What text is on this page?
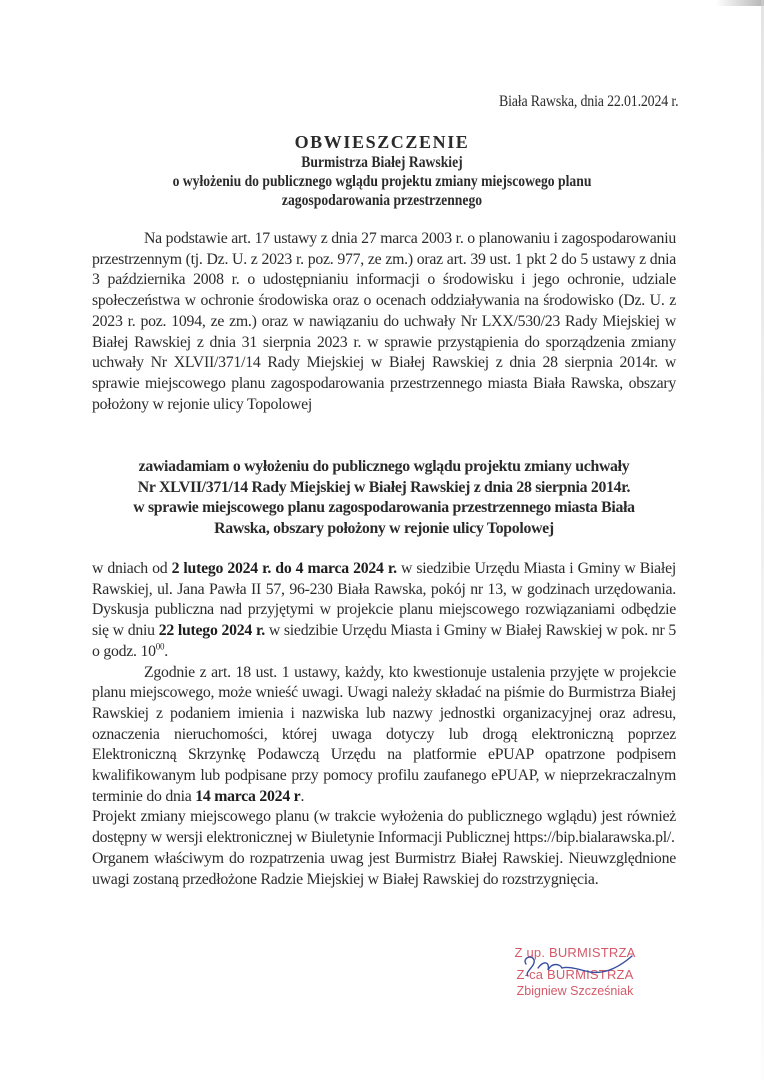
Biała Rawska, dnia 22.01.2024 r.
OBWIESZCZENIE
Burmistrza Białej Rawskiej
o wyłożeniu do publicznego wglądu projektu zmiany miejscowego planu
zagospodarowania przestrzennego

Na podstawie art. 17 ustawy z dnia 27 marca 2003 r. o planowaniu i zagospodarowaniu przestrzennym (tj. Dz. U. z 2023 r. poz. 977, ze zm.) oraz art. 39 ust. 1 pkt 2 do 5 ustawy z dnia 3 października 2008 r. o udostępnianiu informacji o środowisku i jego ochronie, udziale społeczeństwa w ochronie środowiska oraz o ocenach oddziaływania na środowisko (Dz. U. z 2023 r. poz. 1094, ze zm.) oraz w nawiązaniu do uchwały Nr LXX/530/23 Rady Miejskiej w Białej Rawskiej z dnia 31 sierpnia 2023 r. w sprawie przystąpienia do sporządzenia zmiany uchwały Nr XLVII/371/14 Rady Miejskiej w Białej Rawskiej z dnia 28 sierpnia 2014r. w sprawie miejscowego planu zagospodarowania przestrzennego miasta Biała Rawska, obszary położony w rejonie ulicy Topolowej

zawiadamiam o wyłożeniu do publicznego wglądu projektu zmiany uchwały
Nr XLVII/371/14 Rady Miejskiej w Białej Rawskiej z dnia 28 sierpnia 2014r.
w sprawie miejscowego planu zagospodarowania przestrzennego miasta Biała
Rawska, obszary położony w rejonie ulicy Topolowej

w dniach od 2 lutego 2024 r. do 4 marca 2024 r. w siedzibie Urzędu Miasta i Gminy w Białej Rawskiej, ul. Jana Pawła II 57, 96-230 Biała Rawska, pokój nr 13, w godzinach urzędowania. Dyskusja publiczna nad przyjętymi w projekcie planu miejscowego rozwiązaniami odbędzie się w dniu 22 lutego 2024 r. w siedzibie Urzędu Miasta i Gminy w Białej Rawskiej w pok. nr 5 o godz. $10^{00}$.

Zgodnie z art. 18 ust. 1 ustawy, każdy, kto kwestionuje ustalenia przyjęte w projekcie planu miejscowego, może wnieść uwagi. Uwagi należy składać na piśmie do Burmistrza Białej Rawskiej z podaniem imienia i nazwiska lub nazwy jednostki organizacyjnej oraz adresu, oznaczenia nieruchomości, której uwaga dotyczy lub drogą elektroniczną poprzez Elektroniczną Skrzynkę Podawczą Urzędu na platformie ePUAP opatrzone podpisem kwalifikowanym lub podpisane przy pomocy profilu zaufanego ePUAP, w nieprzekraczalnym terminie do dnia 14 marca 2024 r.

Projekt zmiany miejscowego planu (w trakcie wyłożenia do publicznego wglądu) jest również dostępny w wersji elektronicznej w Biuletynie Informacji Publicznej https://bip.bialarawska.pl/.

Organem właściwym do rozpatrzenia uwag jest Burmistrz Białej Rawskiej. Nieuwzględnione uwagi zostaną przedłożone Radzie Miejskiej w Białej Rawskiej do rozstrzygnięcia.

Z up. BURMISTRZA
Z-ca BURMISTRZA
Zbigniew Szcześniak
